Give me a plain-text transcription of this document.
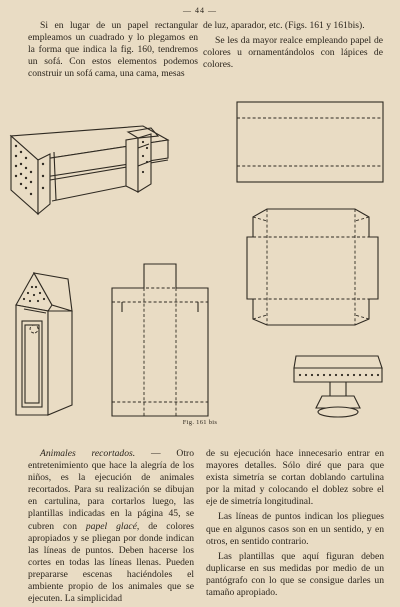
— 44 —

Si en lugar de un papel rectangular empleamos un cuadrado y lo plegamos en la forma que indica la fig. 160, tendremos un sofá. Con estos elementos podemos construir un sofá cama, una cama, mesas

de luz, aparador, etc. (Figs. 161 y 161bis).

Se les da mayor realce empleando papel de colores u ornamentándolos con lápices de colores.

Fig. 161 bis

Animales recortados. — Otro entretenimiento que hace la alegría de los niños, es la ejecución de animales recortados. Para su realización se dibujan en cartulina, para cortarlos luego, las plantillas indicadas en la página 45, se cubren con papel glacé, de colores apropiados y se pliegan por donde indican las líneas de puntos. Deben hacerse los cortes en todas las líneas llenas. Pueden prepararse escenas haciéndoles el ambiente propio de los animales que se ejecuten. La simplicidad

de su ejecución hace innecesario entrar en mayores detalles. Sólo diré que para que exista simetría se cortan doblando cartulina por la mitad y colocando el doblez sobre el eje de simetría longitudinal.

Las líneas de puntos indican los pliegues que en algunos casos son en un sentido, y en otros, en sentido contrario.

Las plantillas que aquí figuran deben duplicarse en sus medidas por medio de un pantógrafo con lo que se consigue darles un tamaño apropiado.
